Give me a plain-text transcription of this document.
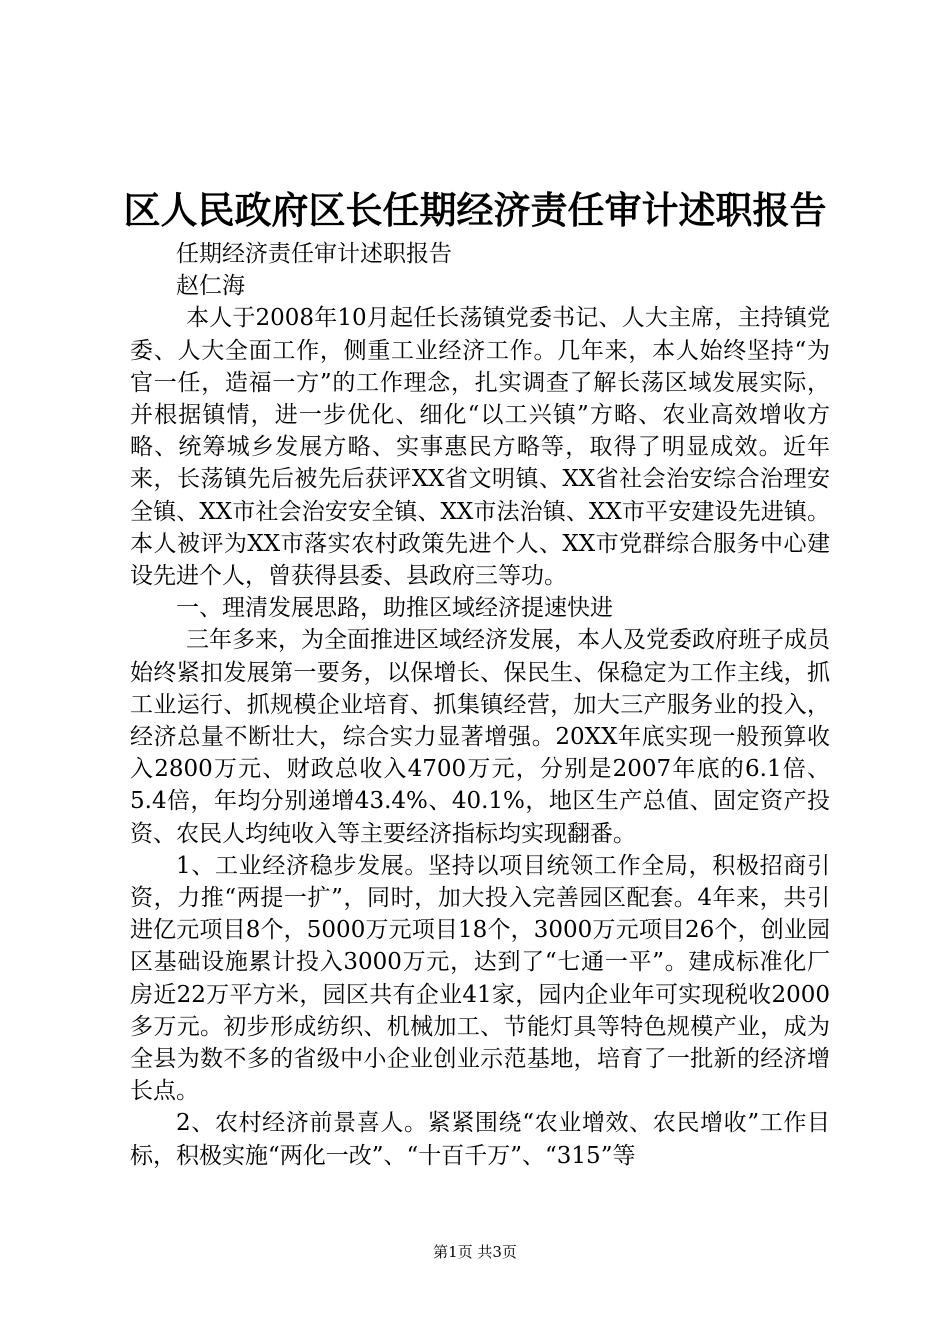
区人民政府区长任期经济责任审计述职报告

任期经济责任审计述职报告

赵仁海

本人于2008年10月起任长荡镇党委书记、人大主席，主持镇党委、人大全面工作，侧重工业经济工作。几年来，本人始终坚持“为官一任，造福一方”的工作理念，扎实调查了解长荡区域发展实际，并根据镇情，进一步优化、细化“以工兴镇”方略、农业高效增收方略、统筹城乡发展方略、实事惠民方略等，取得了明显成效。近年来，长荡镇先后被先后获评XX省文明镇、XX省社会治安综合治理安全镇、XX市社会治安安全镇、XX市法治镇、XX市平安建设先进镇。本人被评为XX市落实农村政策先进个人、XX市党群综合服务中心建设先进个人，曾获得县委、县政府三等功。

一、理清发展思路，助推区域经济提速快进

三年多来，为全面推进区域经济发展，本人及党委政府班子成员始终紧扣发展第一要务，以保增长、保民生、保稳定为工作主线，抓工业运行、抓规模企业培育、抓集镇经营，加大三产服务业的投入，经济总量不断壮大，综合实力显著增强。20XX年底实现一般预算收入2800万元、财政总收入4700万元，分别是2007年底的6.1倍、5.4倍，年均分别递增43.4%、40.1%，地区生产总值、固定资产投资、农民人均纯收入等主要经济指标均实现翻番。

1、工业经济稳步发展。坚持以项目统领工作全局，积极招商引资，力推“两提一扩”，同时，加大投入完善园区配套。4年来，共引进亿元项目8个，5000万元项目18个，3000万元项目26个，创业园区基础设施累计投入3000万元，达到了“七通一平”。建成标准化厂房近22万平方米，园区共有企业41家，园内企业年可实现税收2000多万元。初步形成纺织、机械加工、节能灯具等特色规模产业，成为全县为数不多的省级中小企业创业示范基地，培育了一批新的经济增长点。

2、农村经济前景喜人。紧紧围绕“农业增效、农民增收”工作目标，积极实施“两化一改”、“十百千万”、“315”等

第1页 共3页
